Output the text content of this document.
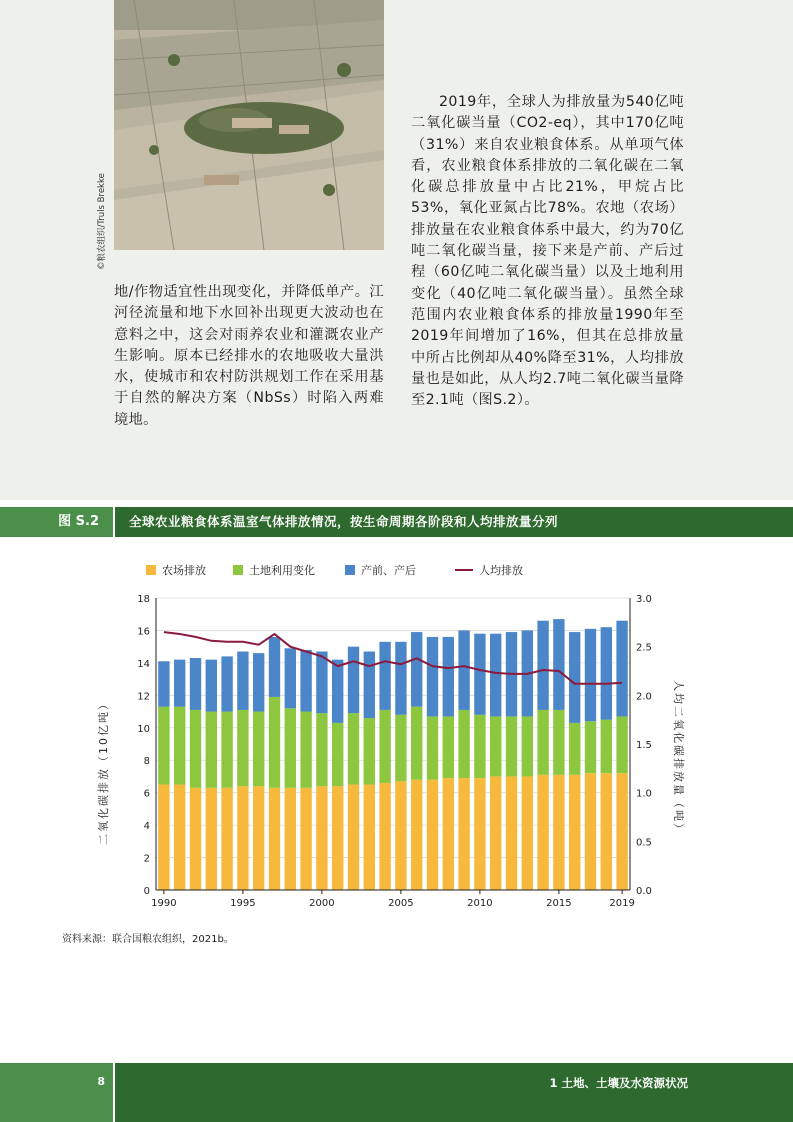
©粮农组织/Truls Brekke

地/作物适宜性出现变化，并降低单产。江河径流量和地下水回补出现更大波动也在意料之中，这会对雨养农业和灌溉农业产生影响。原本已经排水的农地吸收大量洪水，使城市和农村防洪规划工作在采用基于自然的解决方案（NbSs）时陷入两难境地。

2019年，全球人为排放量为540亿吨二氧化碳当量（CO2-eq），其中170亿吨（31%）来自农业粮食体系。从单项气体看，农业粮食体系排放的二氧化碳在二氧化碳总排放量中占比21%，甲烷占比53%，氧化亚氮占比78%。农地（农场）排放量在农业粮食体系中最大，约为70亿吨二氧化碳当量，接下来是产前、产后过程（60亿吨二氧化碳当量）以及土地利用变化（40亿吨二氧化碳当量）。虽然全球范围内农业粮食体系的排放量1990年至2019年间增加了16%，但其在总排放量中所占比例却从40%降至31%，人均排放量也是如此，从人均2.7吨二氧化碳当量降至2.1吨（图S.2）。

图 S.2	全球农业粮食体系温室气体排放情况，按生命周期各阶段和人均排放量分列
农场排放	土地利用变化	产前、产后	人均排放
二氧化碳排放（10亿吨）	人均二氧化碳排放量（吨）
0
2
4
6
8
10
12
14
16
18
0.0
0.5
1.0
1.5
2.0
2.5
3.0
1990	1995	2000	2005	2010	2015	2019
资料来源：联合国粮农组织，2021b。
8	1 土地、土壤及水资源状况
